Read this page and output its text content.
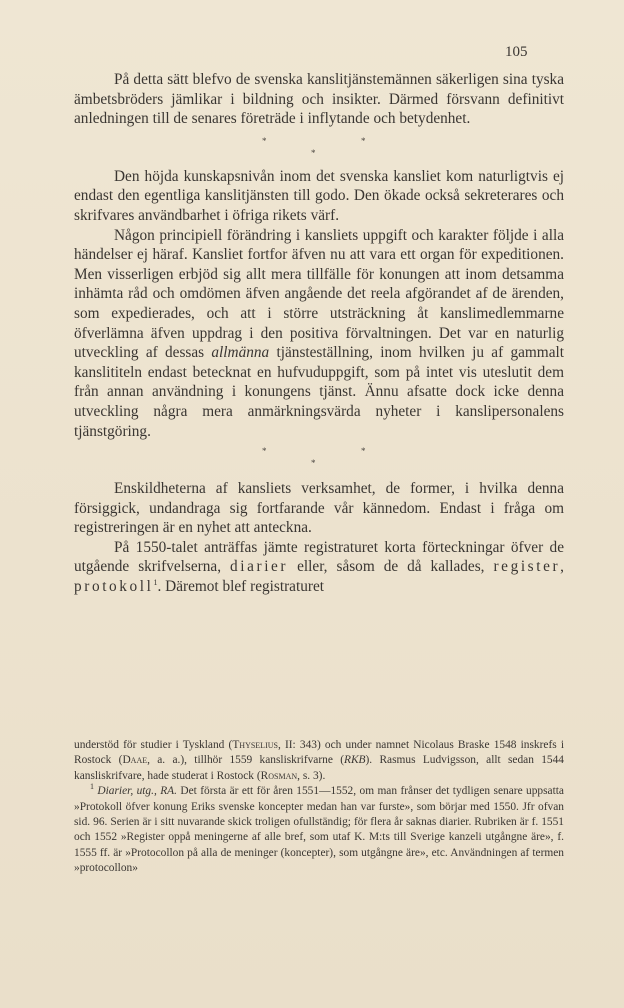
105

På detta sätt blefvo de svenska kanslitjänstemännen säkerligen sina tyska ämbetsbröders jämlikar i bildning och insikter. Därmed försvann definitivt anledningen till de senares företräde i inflytande och betydenhet.

*	*
*

Den höjda kunskapsnivån inom det svenska kansliet kom naturligtvis ej endast den egentliga kanslitjänsten till godo. Den ökade också sekreterares och skrifvares användbarhet i öfriga rikets värf.

Någon principiell förändring i kansliets uppgift och karakter följde i alla händelser ej häraf. Kansliet fortfor äfven nu att vara ett organ för expeditionen. Men visserligen erbjöd sig allt mera tillfälle för konungen att inom detsamma inhämta råd och omdömen äfven angående det reela afgörandet af de ärenden, som expedierades, och att i större utsträckning åt kanslimedlemmarne öfverlämna äfven uppdrag i den positiva förvaltningen. Det var en naturlig utveckling af dessas allmänna tjänsteställning, inom hvilken ju af gammalt kanslititeln endast betecknat en hufvuduppgift, som på intet vis uteslutit dem från annan användning i konungens tjänst. Ännu afsatte dock icke denna utveckling några mera anmärkningsvärda nyheter i kanslipersonalens tjänstgöring.

*	*
*

Enskildheterna af kansliets verksamhet, de former, i hvilka denna försiggick, undandraga sig fortfarande vår kännedom. Endast i fråga om registreringen är en nyhet att anteckna.

På 1550-talet anträffas jämte registraturet korta förteckningar öfver de utgående skrifvelserna, diarier eller, såsom de då kallades, register, protokoll$^1$. Däremot blef registraturet

understöd för studier i Tyskland (Thyselius, II: 343) och under namnet Nicolaus Braske 1548 inskrefs i Rostock (Daae, a. a.), tillhör 1559 kansliskrifvarne (RKB). Rasmus Ludvigsson, allt sedan 1544 kansliskrifvare, hade studerat i Rostock (Rosman, s. 3).

$^1$ Diarier, utg., RA. Det första är ett för åren 1551—1552, om man frånser det tydligen senare uppsatta »Protokoll öfver konung Eriks svenske koncepter medan han var furste», som börjar med 1550. Jfr ofvan sid. 96. Serien är i sitt nuvarande skick troligen ofullständig; för flera år saknas diarier. Rubriken är f. 1551 och 1552 »Register oppå meningerne af alle bref, som utaf K. M:ts till Sverige kanzeli utgångne äre», f. 1555 ff. är »Protocollon på alla de meninger (koncepter), som utgångne äre», etc. Användningen af termen »protocollon»
